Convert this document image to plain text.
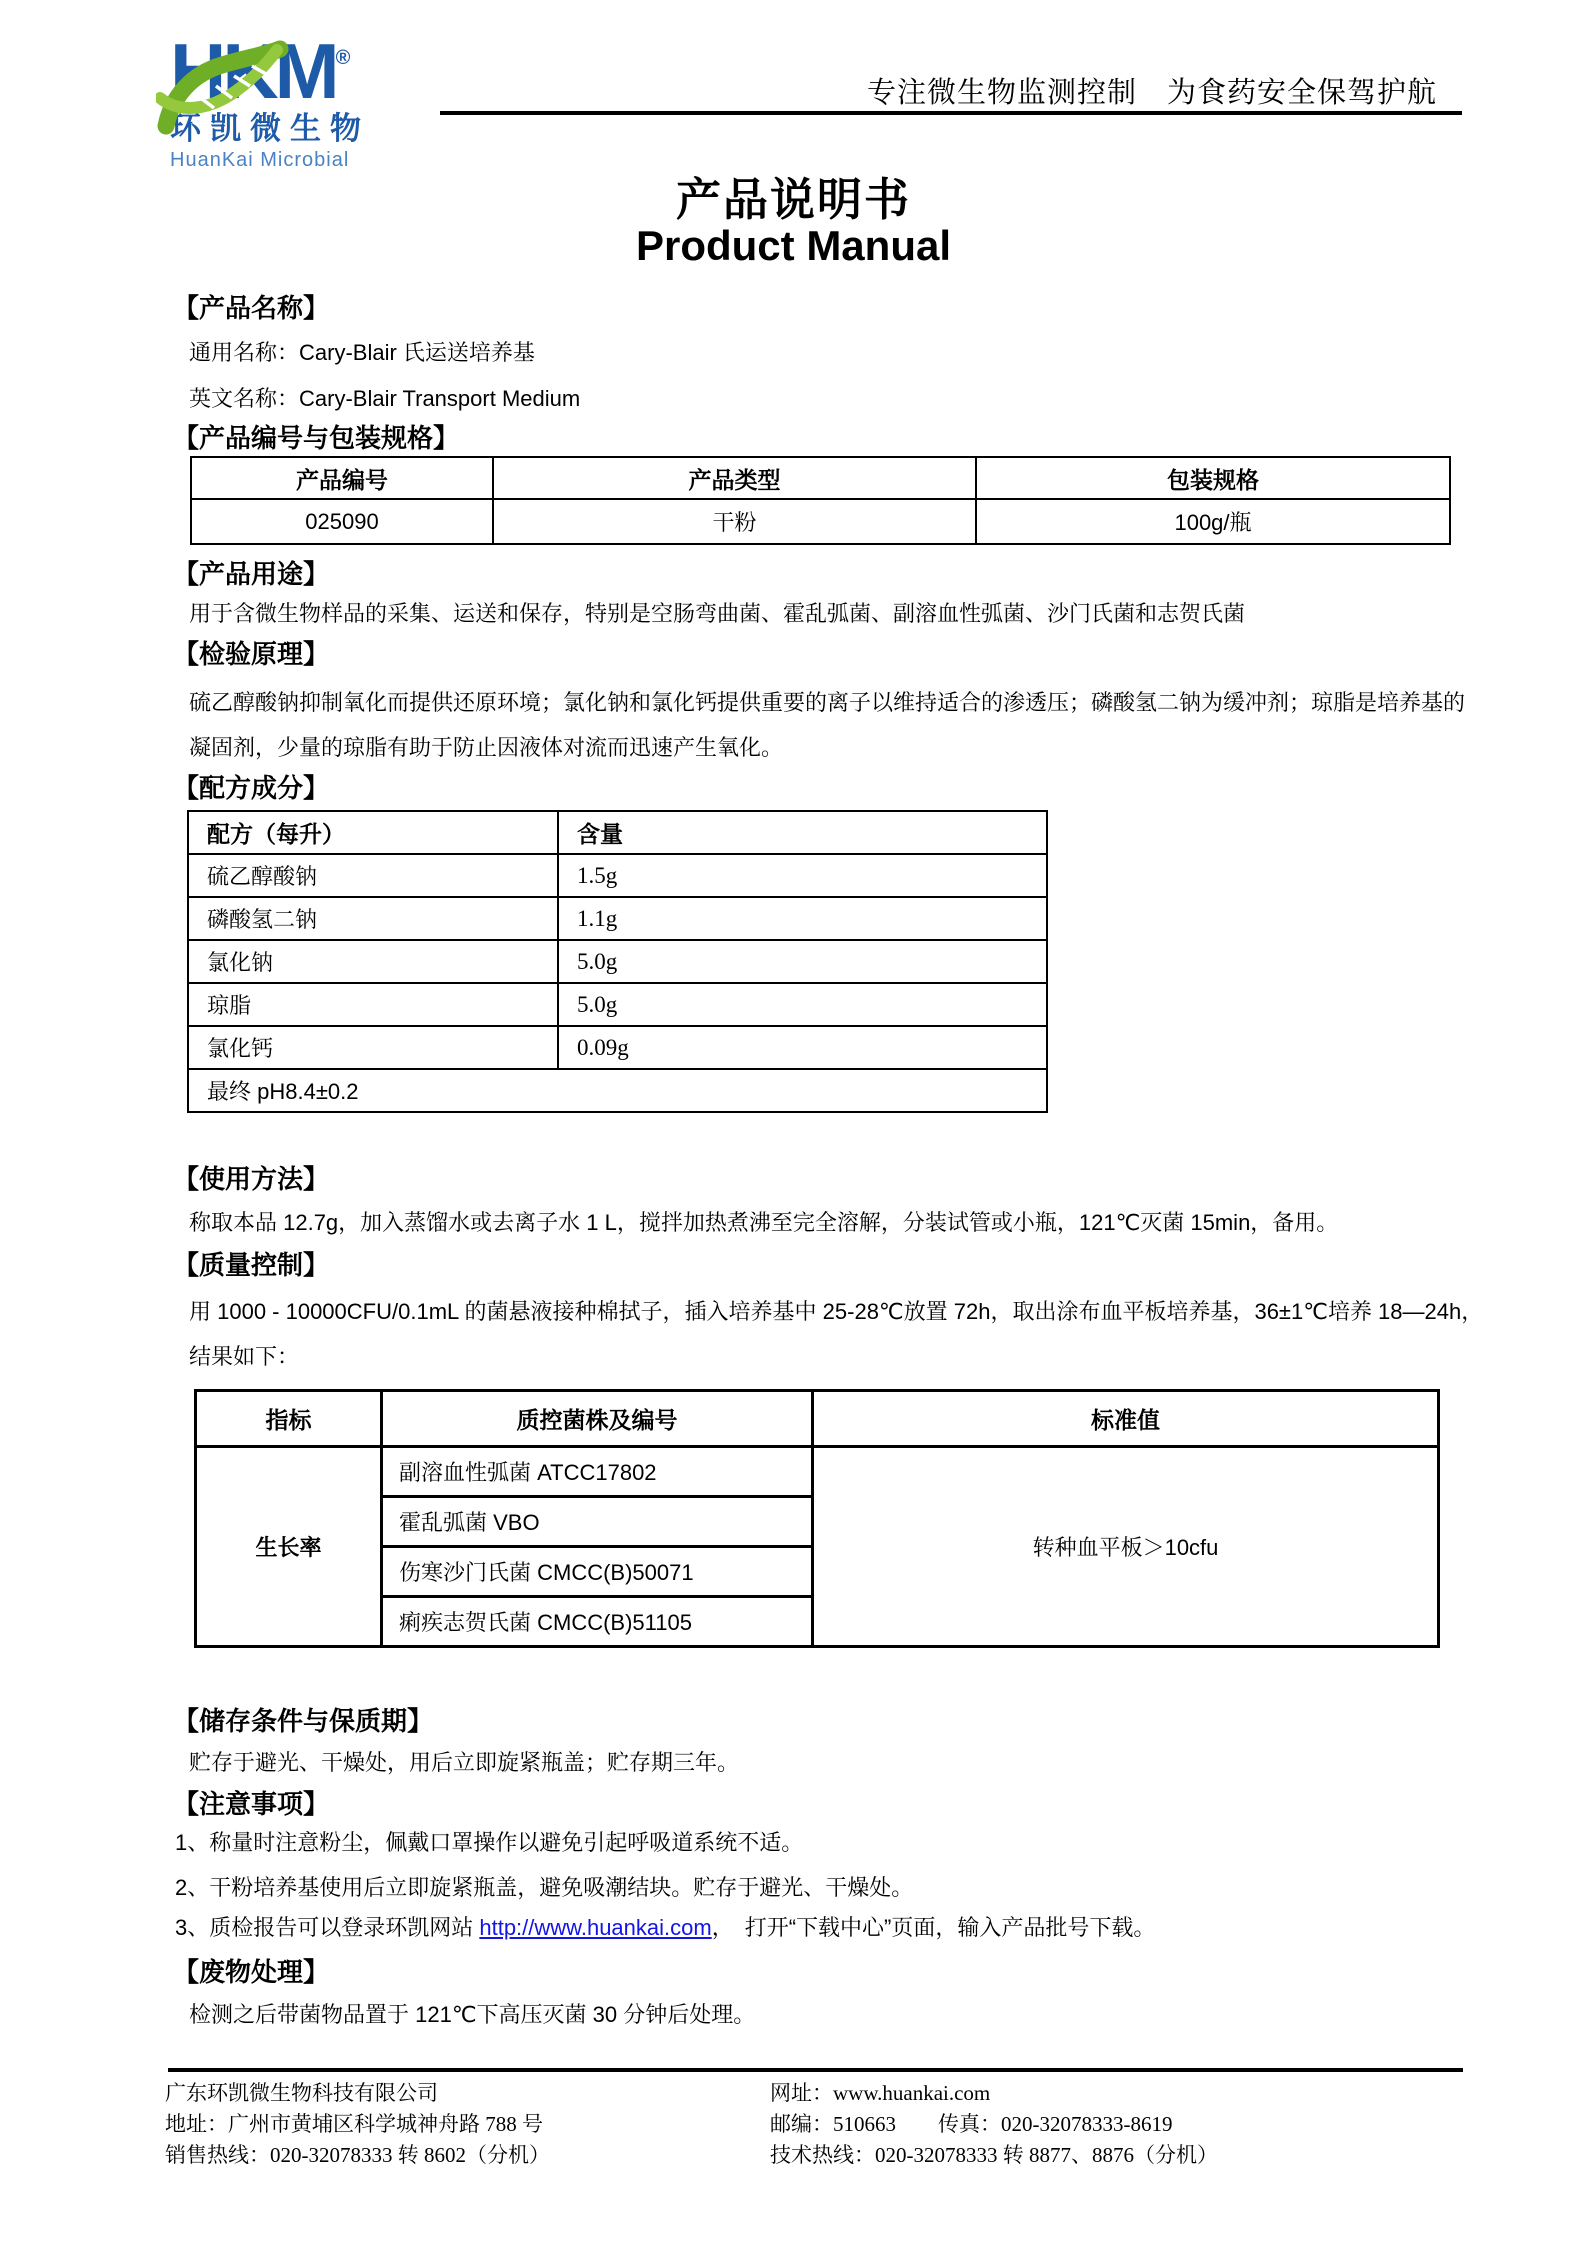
HKM®
环凯微生物
HuanKai Microbial
专注微生物监测控制　为食药安全保驾护航
产品说明书
Product Manual
【产品名称】
通用名称：Cary-Blair 氏运送培养基
英文名称：Cary-Blair Transport Medium
【产品编号与包装规格】
产品编号	产品类型	包装规格
025090	干粉	100g/瓶
【产品用途】
用于含微生物样品的采集、运送和保存，特别是空肠弯曲菌、霍乱弧菌、副溶血性弧菌、沙门氏菌和志贺氏菌
【检验原理】
硫乙醇酸钠抑制氧化而提供还原环境；氯化钠和氯化钙提供重要的离子以维持适合的渗透压；磷酸氢二钠为缓冲剂；琼脂是培养基的凝固剂，少量的琼脂有助于防止因液体对流而迅速产生氧化。
【配方成分】
配方（每升）	含量
硫乙醇酸钠	1.5g
磷酸氢二钠	1.1g
氯化钠	5.0g
琼脂	5.0g
氯化钙	0.09g
最终 pH8.4±0.2	
【使用方法】
称取本品 12.7g，加入蒸馏水或去离子水 1 L，搅拌加热煮沸至完全溶解，分装试管或小瓶，121℃灭菌 15min，备用。
【质量控制】
用 1000 - 10000CFU/0.1mL 的菌悬液接种棉拭子，插入培养基中 25-28℃放置 72h，取出涂布血平板培养基，36±1℃培养 18—24h，结果如下：
指标	质控菌株及编号	标准值
生长率	副溶血性弧菌 ATCC17802	转种血平板＞10cfu
	霍乱弧菌 VBO	
	伤寒沙门氏菌 CMCC(B)50071	
	痢疾志贺氏菌 CMCC(B)51105	
【储存条件与保质期】
贮存于避光、干燥处，用后立即旋紧瓶盖；贮存期三年。
【注意事项】
1、称量时注意粉尘，佩戴口罩操作以避免引起呼吸道系统不适。
2、干粉培养基使用后立即旋紧瓶盖，避免吸潮结块。贮存于避光、干燥处。
3、质检报告可以登录环凯网站 http://www.huankai.com，　打开“下载中心”页面，输入产品批号下载。
【废物处理】
检测之后带菌物品置于 121℃下高压灭菌 30 分钟后处理。
广东环凯微生物科技有限公司
地址：广州市黄埔区科学城神舟路 788 号
销售热线：020-32078333 转 8602（分机）
网址：www.huankai.com
邮编：510663　　传真：020-32078333-8619
技术热线：020-32078333 转 8877、8876（分机）
